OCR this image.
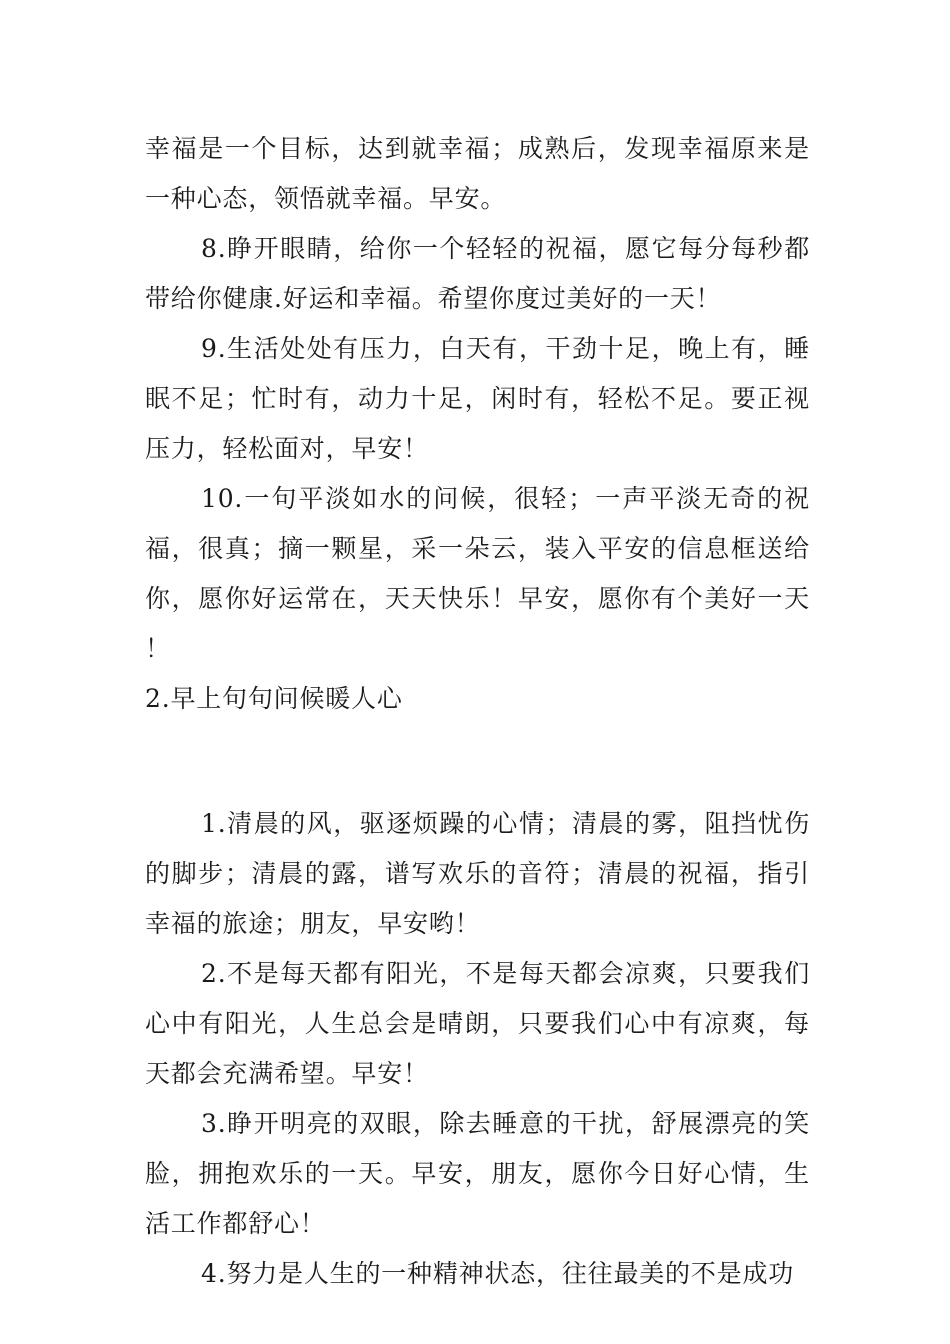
幸福是一个目标，达到就幸福；成熟后，发现幸福原来是一种心态，领悟就幸福。早安。

8.睁开眼睛，给你一个轻轻的祝福，愿它每分每秒都带给你健康.好运和幸福。希望你度过美好的一天！

9.生活处处有压力，白天有，干劲十足，晚上有，睡眠不足；忙时有，动力十足，闲时有，轻松不足。要正视压力，轻松面对，早安！

10.一句平淡如水的问候，很轻；一声平淡无奇的祝福，很真；摘一颗星，采一朵云，装入平安的信息框送给你，愿你好运常在，天天快乐！早安，愿你有个美好一天！

2.早上句句问候暖人心

1.清晨的风，驱逐烦躁的心情；清晨的雾，阻挡忧伤的脚步；清晨的露，谱写欢乐的音符；清晨的祝福，指引幸福的旅途；朋友，早安哟！

2.不是每天都有阳光，不是每天都会凉爽，只要我们心中有阳光，人生总会是晴朗，只要我们心中有凉爽，每天都会充满希望。早安！

3.睁开明亮的双眼，除去睡意的干扰，舒展漂亮的笑脸，拥抱欢乐的一天。早安，朋友，愿你今日好心情，生活工作都舒心！

4.努力是人生的一种精神状态，往往最美的不是成功
